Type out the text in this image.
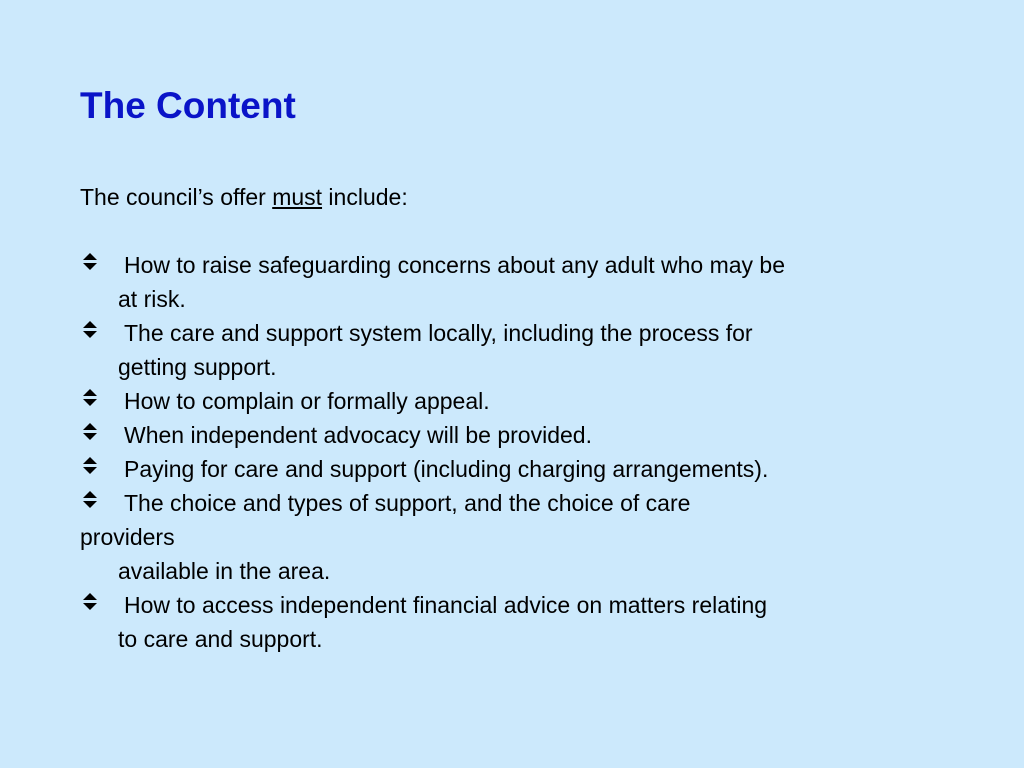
The Content
The council’s offer must include:
How to raise safeguarding concerns about any adult who may be
at risk.
The care and support system locally, including the process for
getting support.
How to complain or formally appeal.
When independent advocacy will be provided.
Paying for care and support (including charging arrangements).
The choice and types of support, and the choice of care
providers
available in the area.
How to access independent financial advice on matters relating
to care and support.
